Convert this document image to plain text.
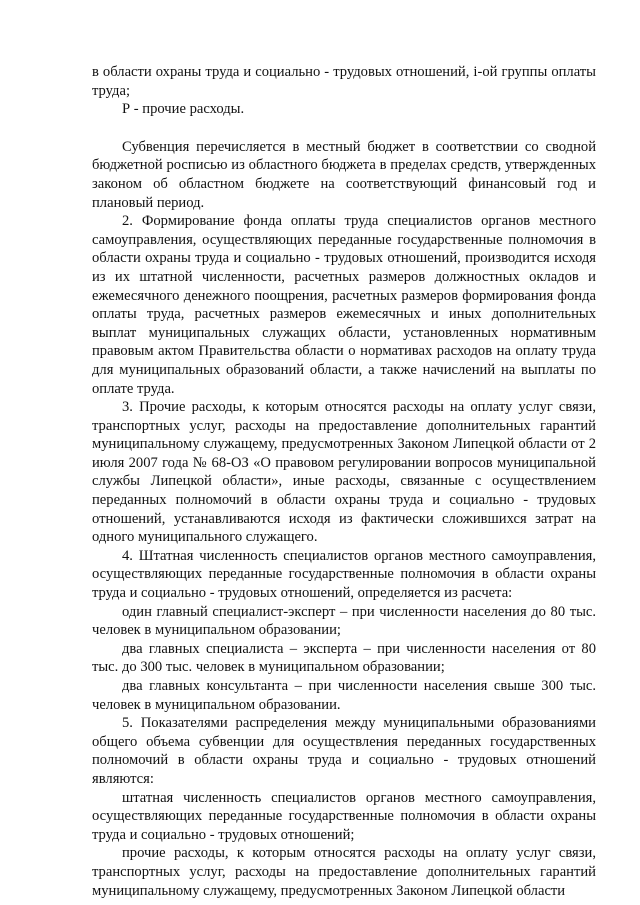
в области охраны труда и социально - трудовых отношений, i-ой группы оплаты труда;

Р - прочие расходы.

Субвенция перечисляется в местный бюджет в соответствии со сводной бюджетной росписью из областного бюджета в пределах средств, утвержденных законом об областном бюджете на соответствующий финансовый год и плановый период.

2. Формирование фонда оплаты труда специалистов органов местного самоуправления, осуществляющих переданные государственные полномочия в области охраны труда и социально - трудовых отношений, производится исходя из их штатной численности, расчетных размеров должностных окладов и ежемесячного денежного поощрения, расчетных размеров формирования фонда оплаты труда, расчетных размеров ежемесячных и иных дополнительных выплат муниципальных служащих области, установленных нормативным правовым актом Правительства области о нормативах расходов на оплату труда для муниципальных образований области, а также начислений на выплаты по оплате труда.

3. Прочие расходы, к которым относятся расходы на оплату услуг связи, транспортных услуг, расходы на предоставление дополнительных гарантий муниципальному служащему, предусмотренных Законом Липецкой области от 2 июля 2007 года № 68-ОЗ «О правовом регулировании вопросов муниципальной службы Липецкой области», иные расходы, связанные с осуществлением переданных полномочий в области охраны труда и социально - трудовых отношений, устанавливаются исходя из фактически сложившихся затрат на одного муниципального служащего.

4. Штатная численность специалистов органов местного самоуправления, осуществляющих переданные государственные полномочия в области охраны труда и социально - трудовых отношений, определяется из расчета:

один главный специалист-эксперт – при численности населения до 80 тыс. человек в муниципальном образовании;

два главных специалиста – эксперта – при численности населения от 80 тыс. до 300 тыс. человек в муниципальном образовании;

два главных консультанта – при численности населения свыше 300 тыс. человек в муниципальном образовании.

5. Показателями распределения между муниципальными образованиями общего объема субвенции для осуществления переданных государственных полномочий в области охраны труда и социально - трудовых отношений являются:

штатная численность специалистов органов местного самоуправления, осуществляющих переданные государственные полномочия в области охраны труда и социально - трудовых отношений;

прочие расходы, к которым относятся расходы на оплату услуг связи, транспортных услуг, расходы на предоставление дополнительных гарантий муниципальному служащему, предусмотренных Законом Липецкой области
